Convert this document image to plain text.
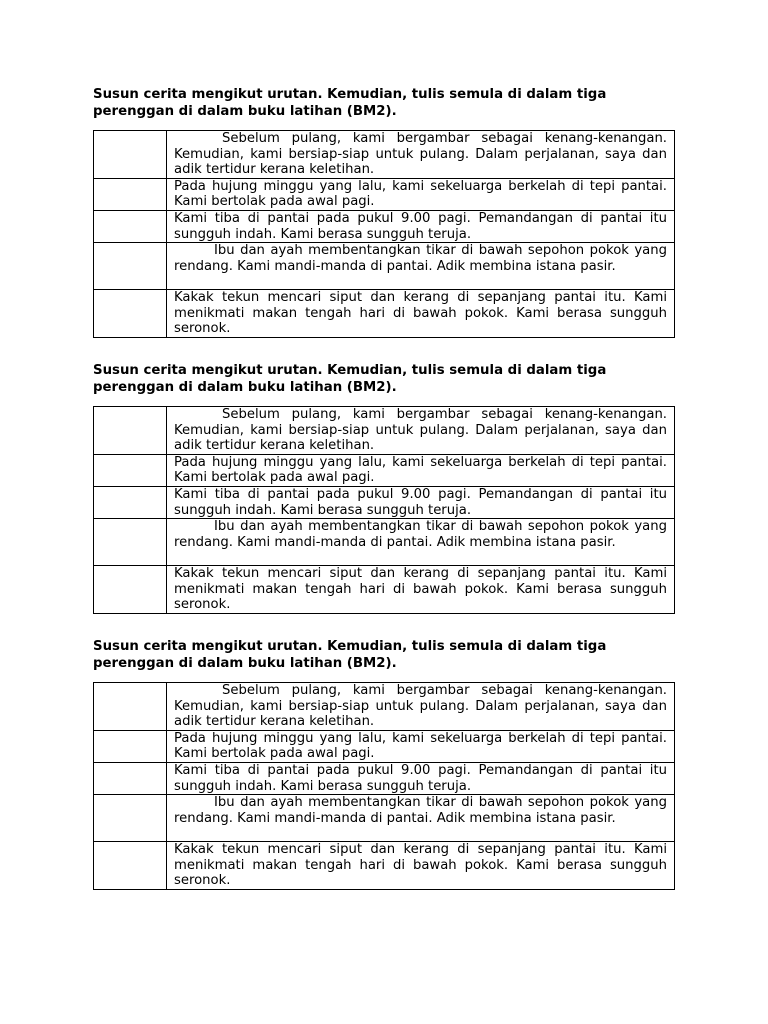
Susun cerita mengikut urutan. Kemudian, tulis semula di dalam tiga perenggan di dalam buku latihan (BM2).

	Sebelum pulang, kami bergambar sebagai kenang-kenangan. Kemudian, kami bersiap-siap untuk pulang. Dalam perjalanan, saya dan adik tertidur kerana keletihan.
	Pada hujung minggu yang lalu, kami sekeluarga berkelah di tepi pantai. Kami bertolak pada awal pagi.
	Kami tiba di pantai pada pukul 9.00 pagi. Pemandangan di pantai itu sungguh indah. Kami berasa sungguh teruja.
	Ibu dan ayah membentangkan tikar di bawah sepohon pokok yang rendang. Kami mandi-manda di pantai. Adik membina istana pasir.
	Kakak tekun mencari siput dan kerang di sepanjang pantai itu. Kami menikmati makan tengah hari di bawah pokok. Kami berasa sungguh seronok.

Susun cerita mengikut urutan. Kemudian, tulis semula di dalam tiga perenggan di dalam buku latihan (BM2).

	Sebelum pulang, kami bergambar sebagai kenang-kenangan. Kemudian, kami bersiap-siap untuk pulang. Dalam perjalanan, saya dan adik tertidur kerana keletihan.
	Pada hujung minggu yang lalu, kami sekeluarga berkelah di tepi pantai. Kami bertolak pada awal pagi.
	Kami tiba di pantai pada pukul 9.00 pagi. Pemandangan di pantai itu sungguh indah. Kami berasa sungguh teruja.
	Ibu dan ayah membentangkan tikar di bawah sepohon pokok yang rendang. Kami mandi-manda di pantai. Adik membina istana pasir.
	Kakak tekun mencari siput dan kerang di sepanjang pantai itu. Kami menikmati makan tengah hari di bawah pokok. Kami berasa sungguh seronok.

Susun cerita mengikut urutan. Kemudian, tulis semula di dalam tiga perenggan di dalam buku latihan (BM2).

	Sebelum pulang, kami bergambar sebagai kenang-kenangan. Kemudian, kami bersiap-siap untuk pulang. Dalam perjalanan, saya dan adik tertidur kerana keletihan.
	Pada hujung minggu yang lalu, kami sekeluarga berkelah di tepi pantai. Kami bertolak pada awal pagi.
	Kami tiba di pantai pada pukul 9.00 pagi. Pemandangan di pantai itu sungguh indah. Kami berasa sungguh teruja.
	Ibu dan ayah membentangkan tikar di bawah sepohon pokok yang rendang. Kami mandi-manda di pantai. Adik membina istana pasir.
	Kakak tekun mencari siput dan kerang di sepanjang pantai itu. Kami menikmati makan tengah hari di bawah pokok. Kami berasa sungguh seronok.
